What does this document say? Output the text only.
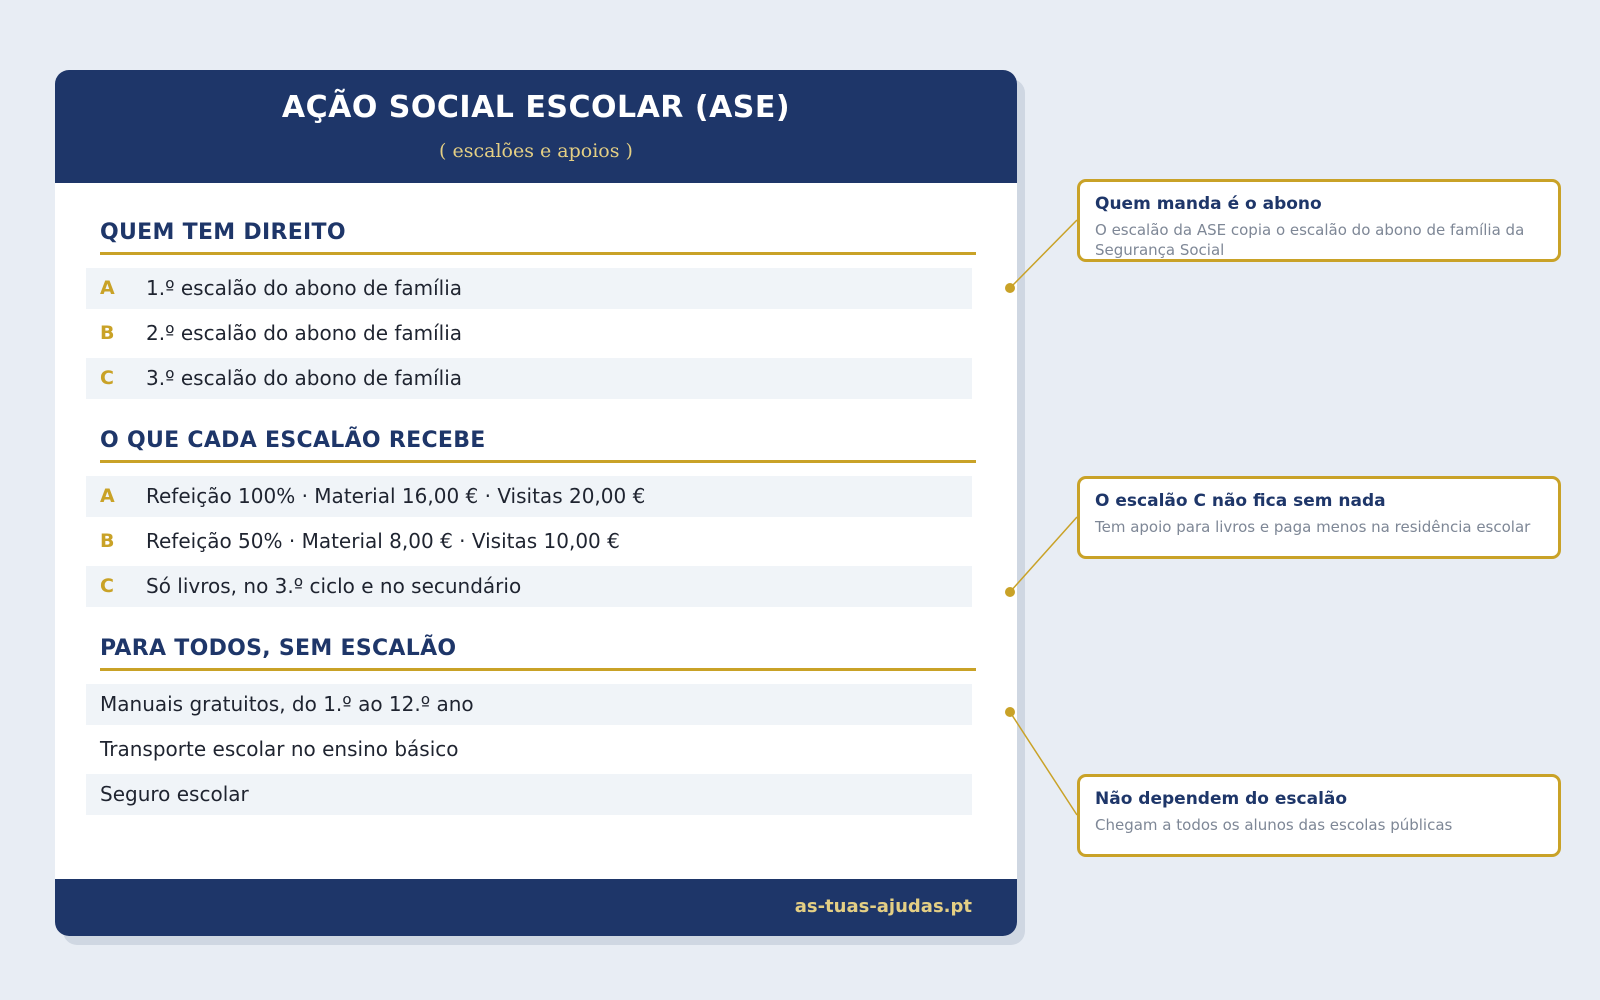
AÇÃO SOCIAL ESCOLAR (ASE)
( escalões e apoios )
QUEM TEM DIREITO
A 1.º escalão do abono de família
B 2.º escalão do abono de família
C 3.º escalão do abono de família
O QUE CADA ESCALÃO RECEBE
A Refeição 100% · Material 16,00 € · Visitas 20,00 €
B Refeição 50% · Material 8,00 € · Visitas 10,00 €
C Só livros, no 3.º ciclo e no secundário
PARA TODOS, SEM ESCALÃO
Manuais gratuitos, do 1.º ao 12.º ano
Transporte escolar no ensino básico
Seguro escolar
as-tuas-ajudas.pt
Quem manda é o abono
O escalão da ASE copia o escalão do abono de família da Segurança Social
O escalão C não fica sem nada
Tem apoio para livros e paga menos na residência escolar
Não dependem do escalão
Chegam a todos os alunos das escolas públicas
